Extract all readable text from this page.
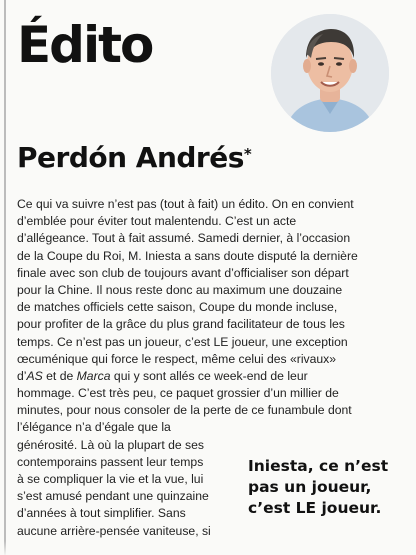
Édito
Perdón Andrés*
Ce qui va suivre n’est pas (tout à fait) un édito. On en convient
d’emblée pour éviter tout malentendu. C’est un acte
d’allégeance. Tout à fait assumé. Samedi dernier, à l’occasion
de la Coupe du Roi, M. Iniesta a sans doute disputé la dernière
finale avec son club de toujours avant d’officialiser son départ
pour la Chine. Il nous reste donc au maximum une douzaine
de matches officiels cette saison, Coupe du monde incluse,
pour profiter de la grâce du plus grand facilitateur de tous les
temps. Ce n’est pas un joueur, c’est LE joueur, une exception
œcuménique qui force le respect, même celui des «rivaux»
d’AS et de Marca qui y sont allés ce week-end de leur
hommage. C’est très peu, ce paquet grossier d’un millier de
minutes, pour nous consoler de la perte de ce funambule dont
l’élégance n’a d’égale que la
générosité. Là où la plupart de ses
contemporains passent leur temps
à se compliquer la vie et la vue, lui
s’est amusé pendant une quinzaine
d’années à tout simplifier. Sans
aucune arrière-pensée vaniteuse, si
Iniesta, ce n’est
pas un joueur,
c’est LE joueur.
